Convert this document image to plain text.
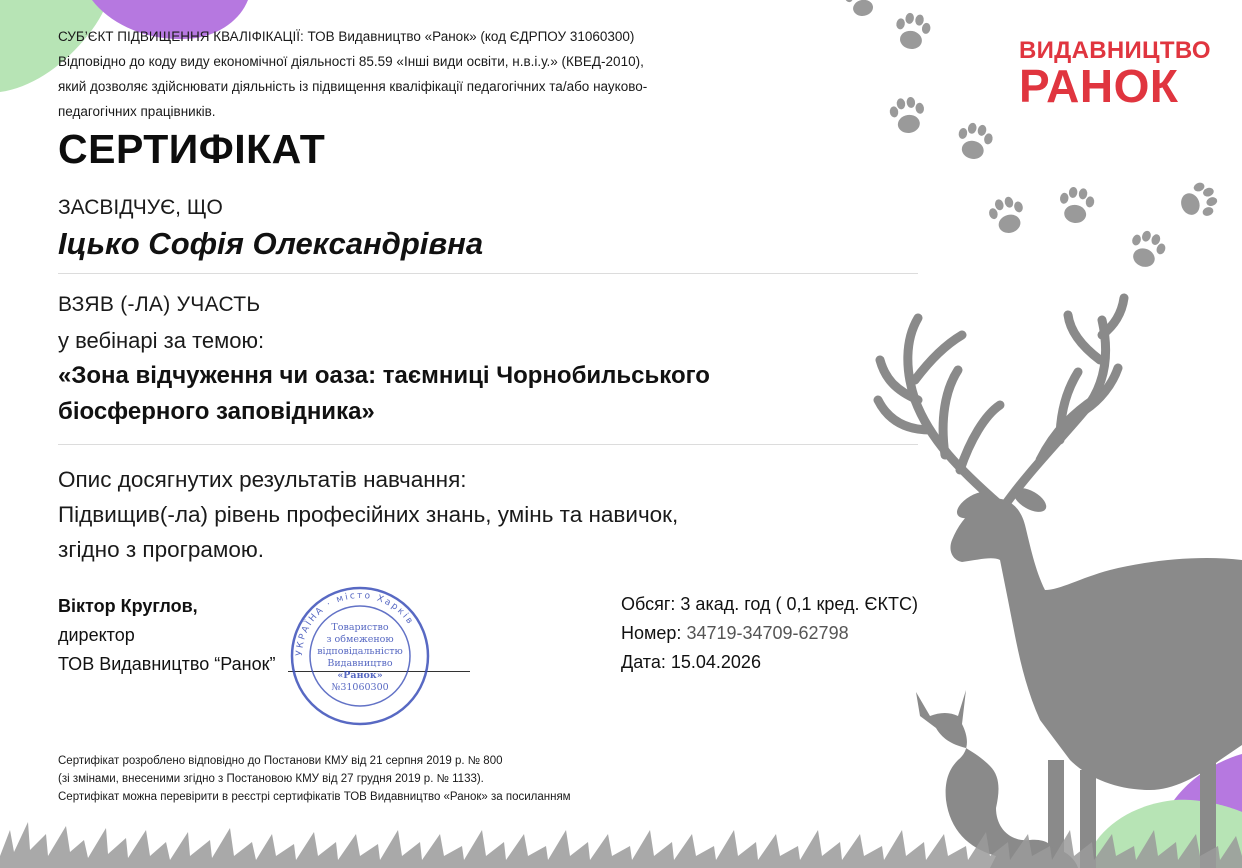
СУБ’ЄКТ ПІДВИЩЕННЯ КВАЛІФІКАЦІЇ: ТОВ Видавництво «Ранок» (код ЄДРПОУ 31060300)
Відповідно до коду виду економічної діяльності 85.59 «Інші види освіти, н.в.і.у.» (КВЕД-2010),
який дозволяє здійснювати діяльність із підвищення кваліфікації педагогічних та/або науково-
педагогічних працівників.
ВИДАВНИЦТВО
РАНОК
СЕРТИФІКАТ
ЗАСВІДЧУЄ, ЩО
Іцько Софія Олександрівна
ВЗЯВ (-ЛА) УЧАСТЬ
у вебінарі за темою:
«Зона відчуження чи оаза: таємниці Чорнобильського
біосферного заповідника»
Опис досягнутих результатів навчання:
Підвищив(-ла) рівень професійних знань, умінь та навичок,
згідно з програмою.
Віктор Круглов,
директор
ТОВ Видавництво “Ранок”
УКРАЇНА · місто Харків
Товариство
з обмеженою
відповідальністю
Видавництво
«Ранок»
№31060300
Обсяг: 3 акад. год ( 0,1 кред. ЄКТС)
Номер: 34719-34709-62798
Дата: 15.04.2026
Сертифікат розроблено відповідно до Постанови КМУ від 21 серпня 2019 р. № 800
(зі змінами, внесеними згідно з Постановою КМУ від 27 грудня 2019 р. № 1133).
Сертифікат можна перевірити в реєстрі сертифікатів ТОВ Видавництво «Ранок» за посиланням
